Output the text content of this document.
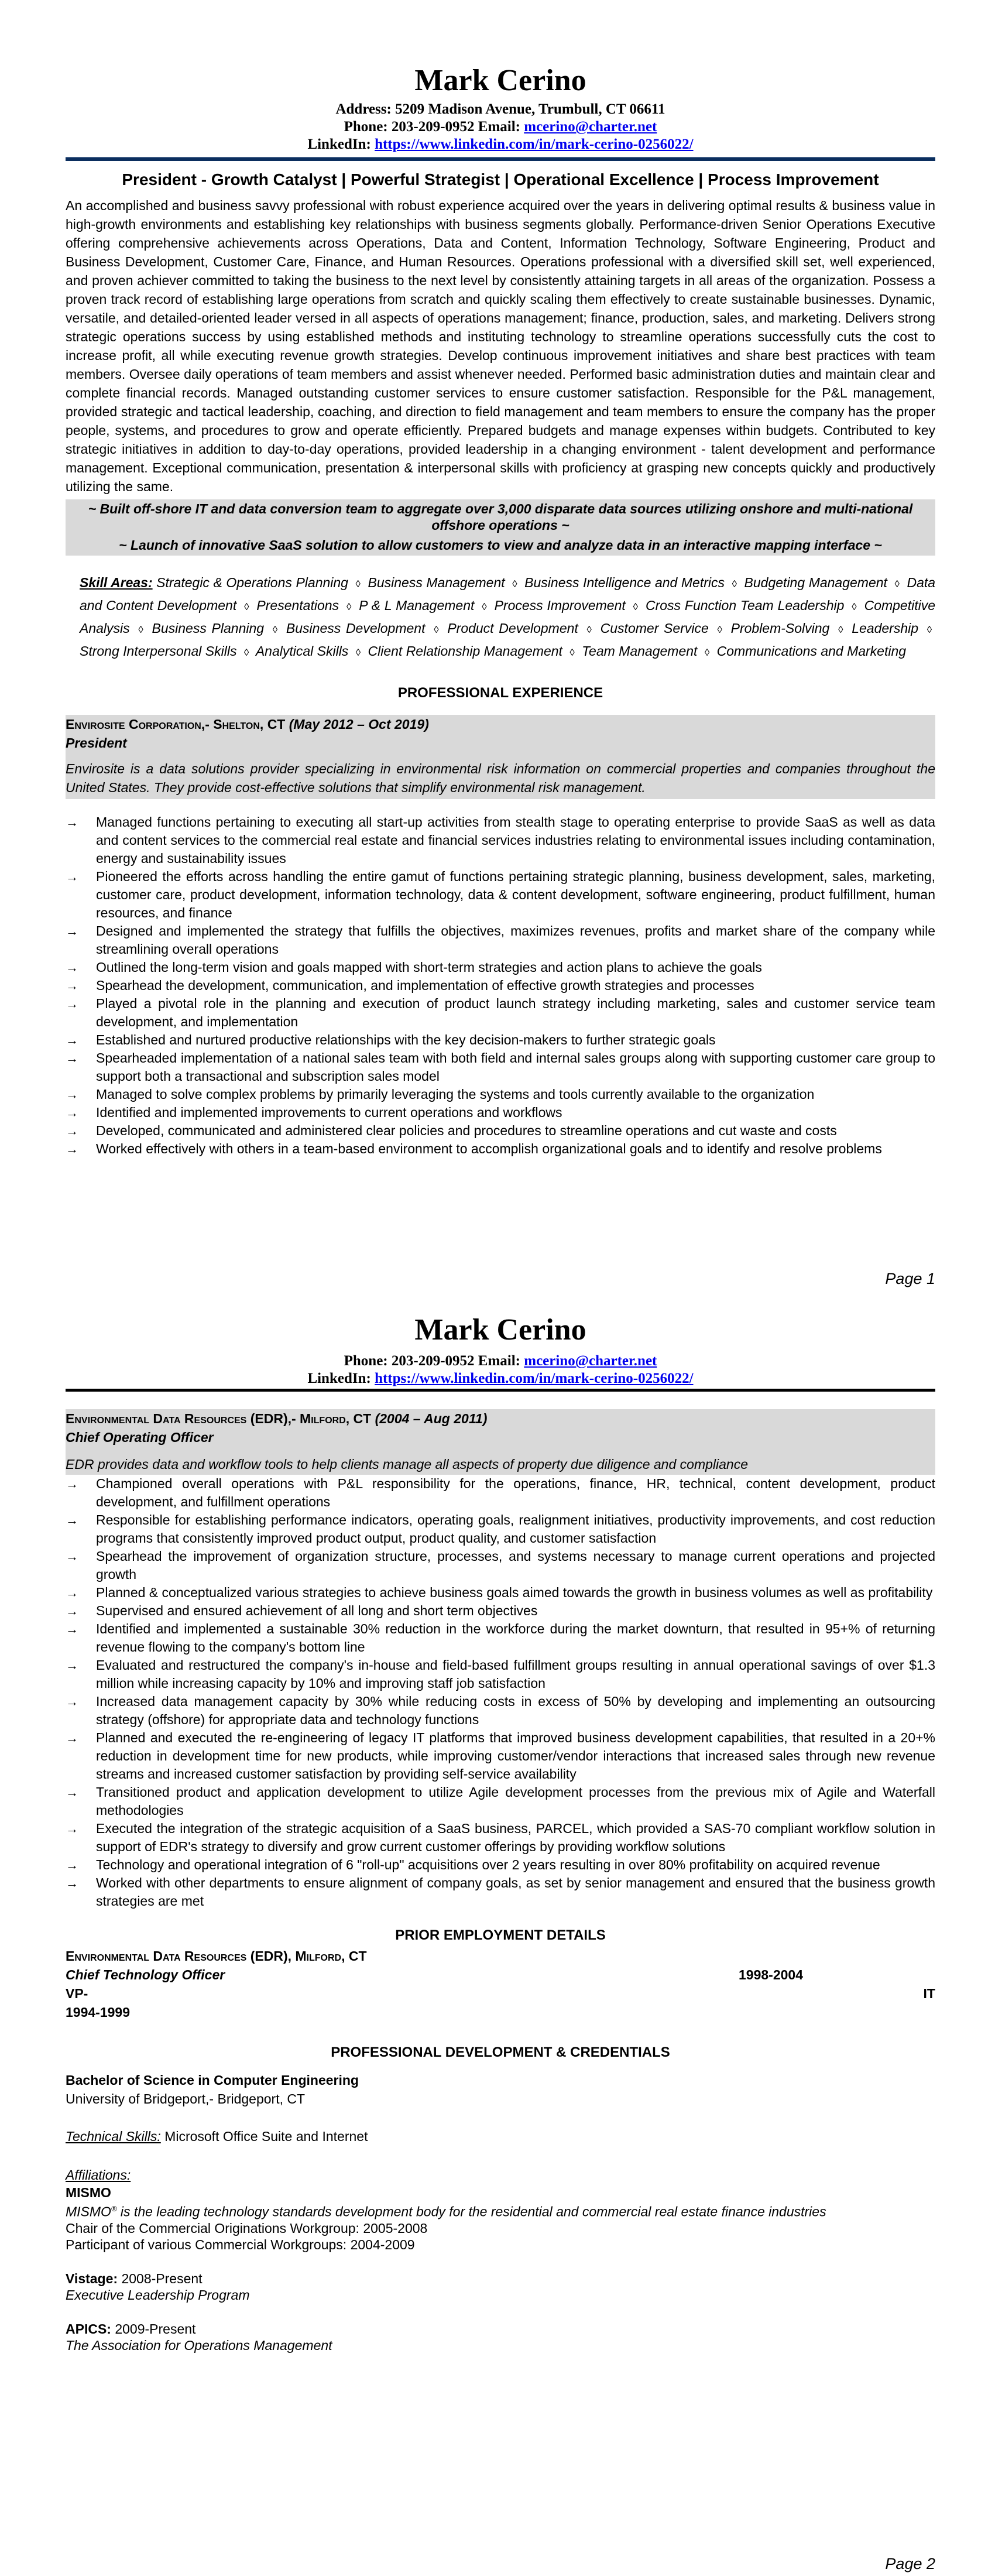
Mark Cerino
Address: 5209 Madison Avenue, Trumbull, CT 06611
Phone: 203-209-0952 Email: mcerino@charter.net
LinkedIn: https://www.linkedin.com/in/mark-cerino-0256022/
President - Growth Catalyst | Powerful Strategist | Operational Excellence | Process Improvement

An accomplished and business savvy professional with robust experience acquired over the years in delivering optimal results & business value in high-growth environments and establishing key relationships with business segments globally. Performance-driven Senior Operations Executive offering comprehensive achievements across Operations, Data and Content, Information Technology, Software Engineering, Product and Business Development, Customer Care, Finance, and Human Resources. Operations professional with a diversified skill set, well experienced, and proven achiever committed to taking the business to the next level by consistently attaining targets in all areas of the organization. Possess a proven track record of establishing large operations from scratch and quickly scaling them effectively to create sustainable businesses. Dynamic, versatile, and detailed-oriented leader versed in all aspects of operations management; finance, production, sales, and marketing. Delivers strong strategic operations success by using established methods and instituting technology to streamline operations successfully cuts the cost to increase profit, all while executing revenue growth strategies. Develop continuous improvement initiatives and share best practices with team members. Oversee daily operations of team members and assist whenever needed. Performed basic administration duties and maintain clear and complete financial records. Managed outstanding customer services to ensure customer satisfaction. Responsible for the P&L management, provided strategic and tactical leadership, coaching, and direction to field management and team members to ensure the company has the proper people, systems, and procedures to grow and operate efficiently. Prepared budgets and manage expenses within budgets. Contributed to key strategic initiatives in addition to day-to-day operations, provided leadership in a changing environment - talent development and performance management. Exceptional communication, presentation & interpersonal skills with proficiency at grasping new concepts quickly and productively utilizing the same.

~ Built off-shore IT and data conversion team to aggregate over 3,000 disparate data sources utilizing onshore and multi-national offshore operations ~
~ Launch of innovative SaaS solution to allow customers to view and analyze data in an interactive mapping interface ~
Skill Areas: Strategic & Operations Planning ◊ Business Management ◊ Business Intelligence and Metrics ◊ Budgeting Management ◊ Data and Content Development ◊ Presentations ◊ P & L Management ◊ Process Improvement ◊ Cross Function Team Leadership ◊ Competitive Analysis ◊ Business Planning ◊ Business Development ◊ Product Development ◊ Customer Service ◊ Problem-Solving ◊ Leadership ◊ Strong Interpersonal Skills ◊ Analytical Skills ◊ Client Relationship Management ◊ Team Management ◊ Communications and Marketing
PROFESSIONAL EXPERIENCE
Envirosite Corporation,- Shelton, CT (May 2012 – Oct 2019)
President

Envirosite is a data solutions provider specializing in environmental risk information on commercial properties and companies throughout the United States. They provide cost-effective solutions that simplify environmental risk management.

→ Managed functions pertaining to executing all start-up activities from stealth stage to operating enterprise to provide SaaS as well as data and content services to the commercial real estate and financial services industries relating to environmental issues including contamination, energy and sustainability issues
→ Pioneered the efforts across handling the entire gamut of functions pertaining strategic planning, business development, sales, marketing, customer care, product development, information technology, data & content development, software engineering, product fulfillment, human resources, and finance
→ Designed and implemented the strategy that fulfills the objectives, maximizes revenues, profits and market share of the company while streamlining overall operations
→ Outlined the long-term vision and goals mapped with short-term strategies and action plans to achieve the goals
→ Spearhead the development, communication, and implementation of effective growth strategies and processes
→ Played a pivotal role in the planning and execution of product launch strategy including marketing, sales and customer service team development, and implementation
→ Established and nurtured productive relationships with the key decision-makers to further strategic goals
→ Spearheaded implementation of a national sales team with both field and internal sales groups along with supporting customer care group to support both a transactional and subscription sales model
→ Managed to solve complex problems by primarily leveraging the systems and tools currently available to the organization
→ Identified and implemented improvements to current operations and workflows
→ Developed, communicated and administered clear policies and procedures to streamline operations and cut waste and costs
→ Worked effectively with others in a team-based environment to accomplish organizational goals and to identify and resolve problems
Page 1
Mark Cerino
Phone: 203-209-0952 Email: mcerino@charter.net
LinkedIn: https://www.linkedin.com/in/mark-cerino-0256022/
Environmental Data Resources (EDR),- Milford, CT (2004 – Aug 2011)
Chief Operating Officer

EDR provides data and workflow tools to help clients manage all aspects of property due diligence and compliance

→ Championed overall operations with P&L responsibility for the operations, finance, HR, technical, content development, product development, and fulfillment operations
→ Responsible for establishing performance indicators, operating goals, realignment initiatives, productivity improvements, and cost reduction programs that consistently improved product output, product quality, and customer satisfaction
→ Spearhead the improvement of organization structure, processes, and systems necessary to manage current operations and projected growth
→ Planned & conceptualized various strategies to achieve business goals aimed towards the growth in business volumes as well as profitability
→ Supervised and ensured achievement of all long and short term objectives
→ Identified and implemented a sustainable 30% reduction in the workforce during the market downturn, that resulted in 95+% of returning revenue flowing to the company's bottom line
→ Evaluated and restructured the company's in-house and field-based fulfillment groups resulting in annual operational savings of over $1.3 million while increasing capacity by 10% and improving staff job satisfaction
→ Increased data management capacity by 30% while reducing costs in excess of 50% by developing and implementing an outsourcing strategy (offshore) for appropriate data and technology functions
→ Planned and executed the re-engineering of legacy IT platforms that improved business development capabilities, that resulted in a 20+% reduction in development time for new products, while improving customer/vendor interactions that increased sales through new revenue streams and increased customer satisfaction by providing self-service availability
→ Transitioned product and application development to utilize Agile development processes from the previous mix of Agile and Waterfall methodologies
→ Executed the integration of the strategic acquisition of a SaaS business, PARCEL, which provided a SAS-70 compliant workflow solution in support of EDR's strategy to diversify and grow current customer offerings by providing workflow solutions
→ Technology and operational integration of 6 "roll-up" acquisitions over 2 years resulting in over 80% profitability on acquired revenue
→ Worked with other departments to ensure alignment of company goals, as set by senior management and ensured that the business growth strategies are met
PRIOR EMPLOYMENT DETAILS
Environmental Data Resources (EDR), Milford, CT
Chief Technology Officer	1998-2004
VP-	IT
1994-1999
PROFESSIONAL DEVELOPMENT & CREDENTIALS
Bachelor of Science in Computer Engineering
University of Bridgeport,- Bridgeport, CT
Technical Skills: Microsoft Office Suite and Internet
Affiliations:
MISMO
MISMO® is the leading technology standards development body for the residential and commercial real estate finance industries
Chair of the Commercial Originations Workgroup: 2005-2008
Participant of various Commercial Workgroups: 2004-2009
Vistage: 2008-Present
Executive Leadership Program
APICS: 2009-Present
The Association for Operations Management
Page 2
